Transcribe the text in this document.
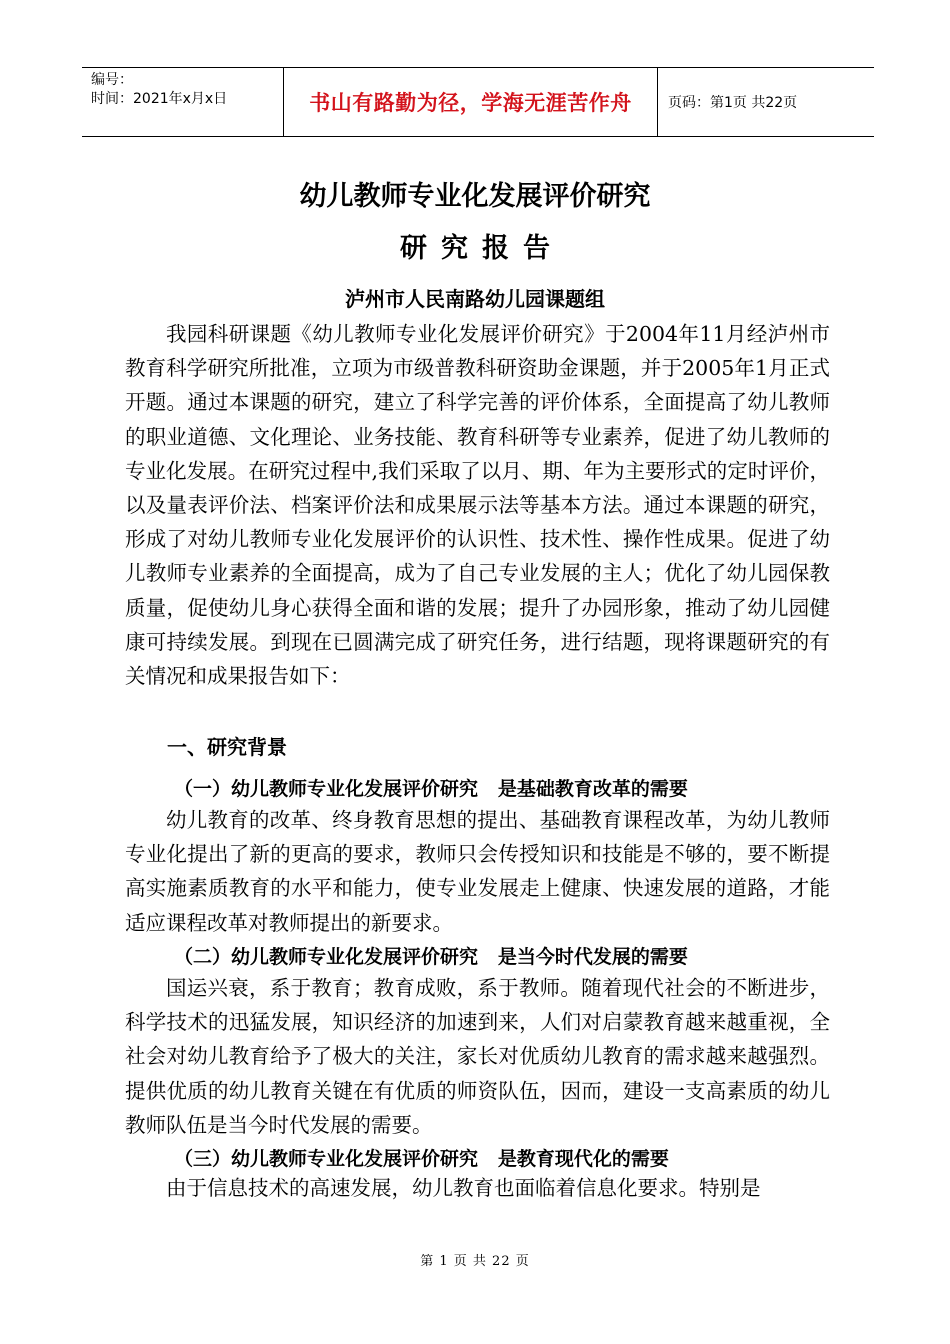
编号：
时间：2021年x月x日	书山有路勤为径，学海无涯苦作舟	页码：第1页 共22页
幼儿教师专业化发展评价研究
研究报告
泸州市人民南路幼儿园课题组

我园科研课题《幼儿教师专业化发展评价研究》于2004年11月经泸州市教育科学研究所批准，立项为市级普教科研资助金课题，并于2005年1月正式开题。通过本课题的研究，建立了科学完善的评价体系，全面提高了幼儿教师的职业道德、文化理论、业务技能、教育科研等专业素养，促进了幼儿教师的专业化发展。在研究过程中,我们采取了以月、期、年为主要形式的定时评价，以及量表评价法、档案评价法和成果展示法等基本方法。通过本课题的研究，形成了对幼儿教师专业化发展评价的认识性、技术性、操作性成果。促进了幼儿教师专业素养的全面提高，成为了自己专业发展的主人；优化了幼儿园保教质量，促使幼儿身心获得全面和谐的发展；提升了办园形象，推动了幼儿园健康可持续发展。到现在已圆满完成了研究任务，进行结题，现将课题研究的有关情况和成果报告如下：

一、研究背景
（一）幼儿教师专业化发展评价研究   是基础教育改革的需要

幼儿教育的改革、终身教育思想的提出、基础教育课程改革，为幼儿教师专业化提出了新的更高的要求，教师只会传授知识和技能是不够的，要不断提高实施素质教育的水平和能力，使专业发展走上健康、快速发展的道路，才能适应课程改革对教师提出的新要求。

（二）幼儿教师专业化发展评价研究   是当今时代发展的需要

国运兴衰，系于教育；教育成败，系于教师。随着现代社会的不断进步，科学技术的迅猛发展，知识经济的加速到来，人们对启蒙教育越来越重视，全社会对幼儿教育给予了极大的关注，家长对优质幼儿教育的需求越来越强烈。提供优质的幼儿教育关键在有优质的师资队伍，因而，建设一支高素质的幼儿教师队伍是当今时代发展的需要。

（三）幼儿教师专业化发展评价研究   是教育现代化的需要

由于信息技术的高速发展，幼儿教育也面临着信息化要求。特别是

第 1 页 共 22 页
